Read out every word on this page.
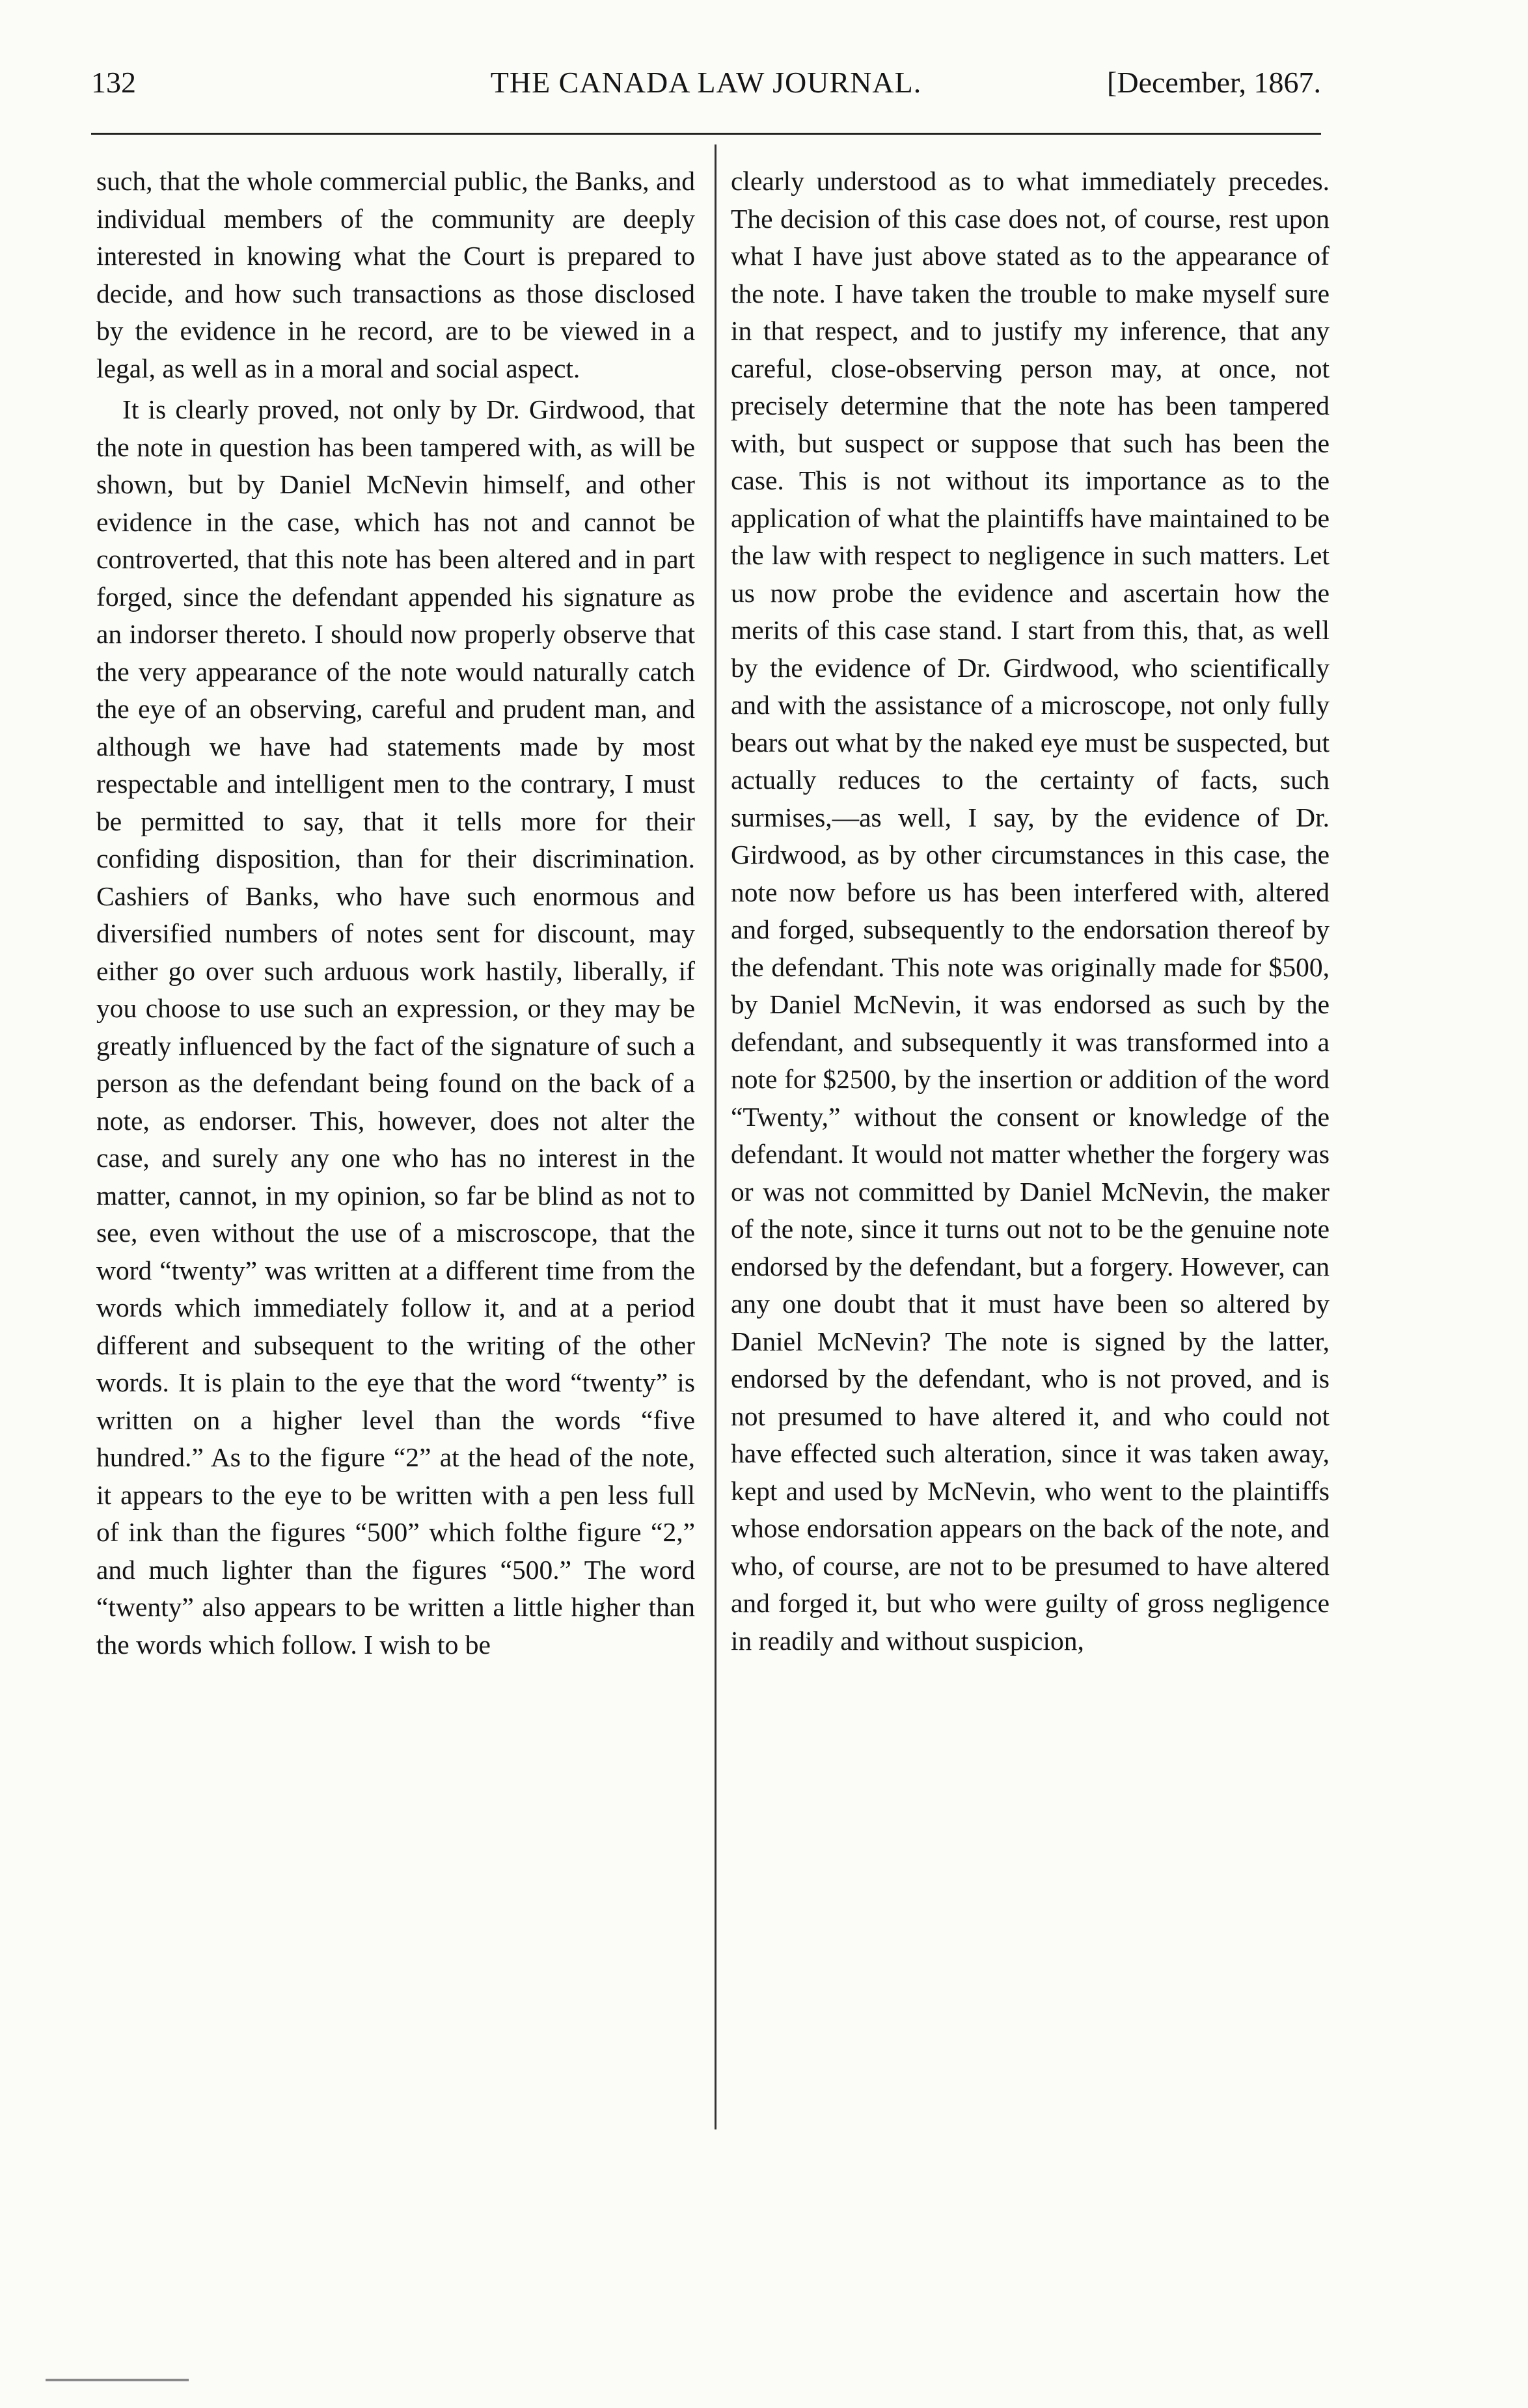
132	THE CANADA LAW JOURNAL.	[December, 1867.

such, that the whole commercial public, the Banks, and individual members of the community are deeply interested in knowing what the Court is prepared to decide, and how such transactions as those disclosed by the evidence in he record, are to be viewed in a legal, as well as in a moral and social aspect.

It is clearly proved, not only by Dr. Girdwood, that the note in question has been tampered with, as will be shown, but by Daniel McNevin himself, and other evidence in the case, which has not and cannot be controverted, that this note has been altered and in part forged, since the defendant appended his signature as an indorser thereto. I should now properly observe that the very appearance of the note would naturally catch the eye of an observing, careful and prudent man, and although we have had statements made by most respectable and intelligent men to the contrary, I must be permitted to say, that it tells more for their confiding disposition, than for their discrimination. Cashiers of Banks, who have such enormous and diversified numbers of notes sent for discount, may either go over such arduous work hastily, liberally, if you choose to use such an expression, or they may be greatly influenced by the fact of the signature of such a person as the defendant being found on the back of a note, as endorser. This, however, does not alter the case, and surely any one who has no interest in the matter, cannot, in my opinion, so far be blind as not to see, even without the use of a miscroscope, that the word “twenty” was written at a different time from the words which immediately follow it, and at a period different and subsequent to the writing of the other words. It is plain to the eye that the word “twenty” is written on a higher level than the words “five hundred.” As to the figure “2” at the head of the note, it appears to the eye to be written with a pen less full of ink than the figures “500” which folthe figure “2,” and much lighter than the figures “500.” The word “twenty” also appears to be written a little higher than the words which follow. I wish to be

clearly understood as to what immediately precedes. The decision of this case does not, of course, rest upon what I have just above stated as to the appearance of the note. I have taken the trouble to make myself sure in that respect, and to justify my inference, that any careful, close-observing person may, at once, not precisely determine that the note has been tampered with, but suspect or suppose that such has been the case. This is not without its importance as to the application of what the plaintiffs have maintained to be the law with respect to negligence in such matters. Let us now probe the evidence and ascertain how the merits of this case stand. I start from this, that, as well by the evidence of Dr. Girdwood, who scientifically and with the assistance of a microscope, not only fully bears out what by the naked eye must be suspected, but actually reduces to the certainty of facts, such surmises,—as well, I say, by the evidence of Dr. Girdwood, as by other circumstances in this case, the note now before us has been interfered with, altered and forged, subsequently to the endorsation thereof by the defendant. This note was originally made for $500, by Daniel McNevin, it was endorsed as such by the defendant, and subsequently it was transformed into a note for $2500, by the insertion or addition of the word “Twenty,” without the consent or knowledge of the defendant. It would not matter whether the forgery was or was not committed by Daniel McNevin, the maker of the note, since it turns out not to be the genuine note endorsed by the defendant, but a forgery. However, can any one doubt that it must have been so altered by Daniel McNevin? The note is signed by the latter, endorsed by the defendant, who is not proved, and is not presumed to have altered it, and who could not have effected such alteration, since it was taken away, kept and used by McNevin, who went to the plaintiffs whose endorsation appears on the back of the note, and who, of course, are not to be presumed to have altered and forged it, but who were guilty of gross negligence in readily and without suspicion,
